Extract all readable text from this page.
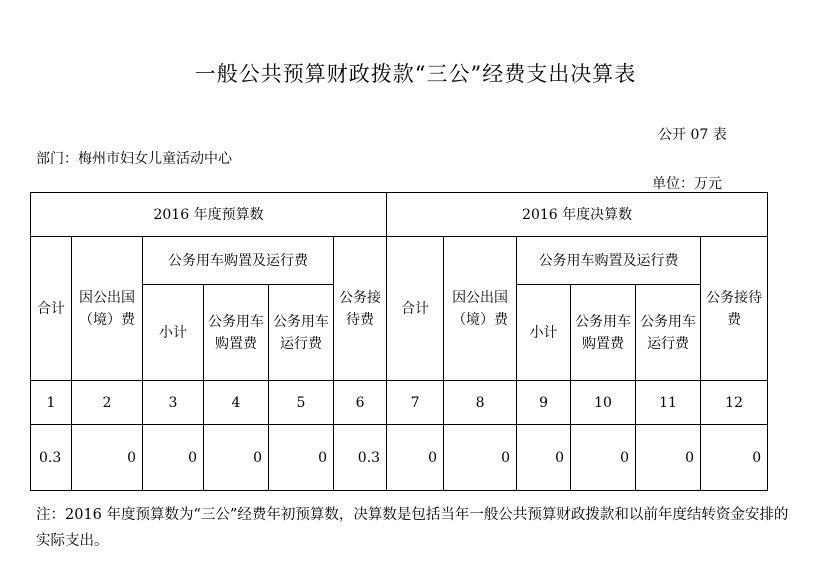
一般公共预算财政拨款“三公”经费支出决算表
公开 07 表
部门：梅州市妇女儿童活动中心
单位：万元
2016 年度预算数						2016 年度决算数					
合计	因公出国（境）费	公务用车购置及运行费			公务接待费	合计	因公出国（境）费	公务用车购置及运行费			公务接待费
		小计	公务用车购置费	公务用车运行费				小计	公务用车购置费	公务用车运行费	
1	2	3	4	5	6	7	8	9	10	11	12
0.3	0	0	0	0	0.3	0	0	0	0	0	0
注：2016 年度预算数为“三公”经费年初预算数，决算数是包括当年一般公共预算财政拨款和以前年度结转资金安排的实际支出。
